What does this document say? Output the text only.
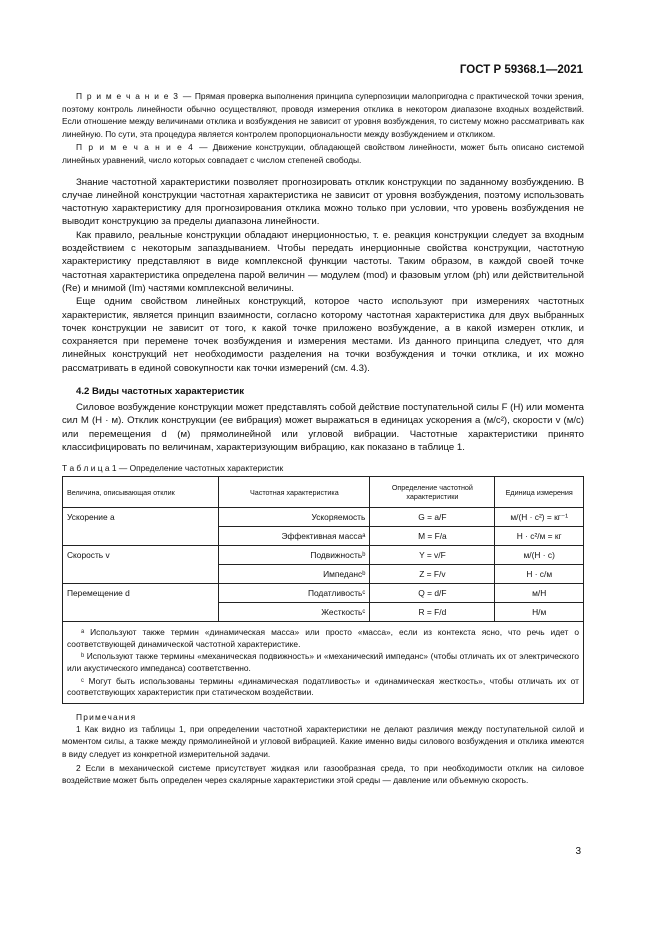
ГОСТ Р 59368.1—2021

П р и м е ч а н и е 3 — Прямая проверка выполнения принципа суперпозиции малопригодна с практической точки зрения, поэтому контроль линейности обычно осуществляют, проводя измерения отклика в некотором диапазоне входных воздействий. Если отношение между величинами отклика и возбуждения не зависит от уровня возбуждения, то систему можно рассматривать как линейную. По сути, эта процедура является контролем пропорциональности между возбуждением и откликом.

П р и м е ч а н и е 4 — Движение конструкции, обладающей свойством линейности, может быть описано системой линейных уравнений, число которых совпадает с числом степеней свободы.

Знание частотной характеристики позволяет прогнозировать отклик конструкции по заданному возбуждению. В случае линейной конструкции частотная характеристика не зависит от уровня возбуждения, поэтому использовать частотную характеристику для прогнозирования отклика можно только при условии, что уровень возбуждения не выводит конструкцию за пределы диапазона линейности.

Как правило, реальные конструкции обладают инерционностью, т. е. реакция конструкции следует за входным воздействием с некоторым запаздыванием. Чтобы передать инерционные свойства конструкции, частотную характеристику представляют в виде комплексной функции частоты. Таким образом, в каждой своей точке частотная характеристика определена парой величин — модулем (mod) и фазовым углом (ph) или действительной (Re) и мнимой (Im) частями комплексной величины.

Еще одним свойством линейных конструкций, которое часто используют при измерениях частотных характеристик, является принцип взаимности, согласно которому частотная характеристика для двух выбранных точек конструкции не зависит от того, к какой точке приложено возбуждение, а в какой измерен отклик, и сохраняется при перемене точек возбуждения и измерения местами. Из данного принципа следует, что для линейных конструкций нет необходимости разделения на точки возбуждения и точки отклика, и их можно рассматривать в единой совокупности как точки измерений (см. 4.3).

4.2 Виды частотных характеристик

Силовое возбуждение конструкции может представлять собой действие поступательной силы F (Н) или момента сил M (Н · м). Отклик конструкции (ее вибрация) может выражаться в единицах ускорения a (м/с²), скорости v (м/с) или перемещения d (м) прямолинейной или угловой вибрации. Частотные характеристики принято классифицировать по величинам, характеризующим вибрацию, как показано в таблице 1.

Т а б л и ц а 1 — Определение частотных характеристик
Величина, описывающая отклик	Частотная характеристика	Определение частотной характеристики	Единица измерения
Ускорение a	Ускоряемость	G = a/F	м/(Н · с²) = кг⁻¹
	Эффективная массаᵃ	M = F/a	Н · с²/м = кг
Скорость v	Подвижностьᵇ	Y = v/F	м/(Н · с)
	Импедансᵇ	Z = F/v	Н · с/м
Перемещение d	Податливостьᶜ	Q = d/F	м/Н
	Жесткостьᶜ	R = F/d	Н/м

ᵃ Используют также термин «динамическая масса» или просто «масса», если из контекста ясно, что речь идет о соответствующей динамической частотной характеристике.

ᵇ Используют также термины «механическая подвижность» и «механический импеданс» (чтобы отличать их от электрического или акустического импеданса) соответственно.

ᶜ Могут быть использованы термины «динамическая податливость» и «динамическая жесткость», чтобы отличать их от соответствующих характеристик при статическом воздействии.

Примечания

1 Как видно из таблицы 1, при определении частотной характеристики не делают различия между поступательной силой и моментом силы, а также между прямолинейной и угловой вибрацией. Какие именно виды силового возбуждения и отклика имеются в виду следует из конкретной измерительной задачи.

2 Если в механической системе присутствует жидкая или газообразная среда, то при необходимости отклик на силовое воздействие может быть определен через скалярные характеристики этой среды — давление или объемную скорость.

3
